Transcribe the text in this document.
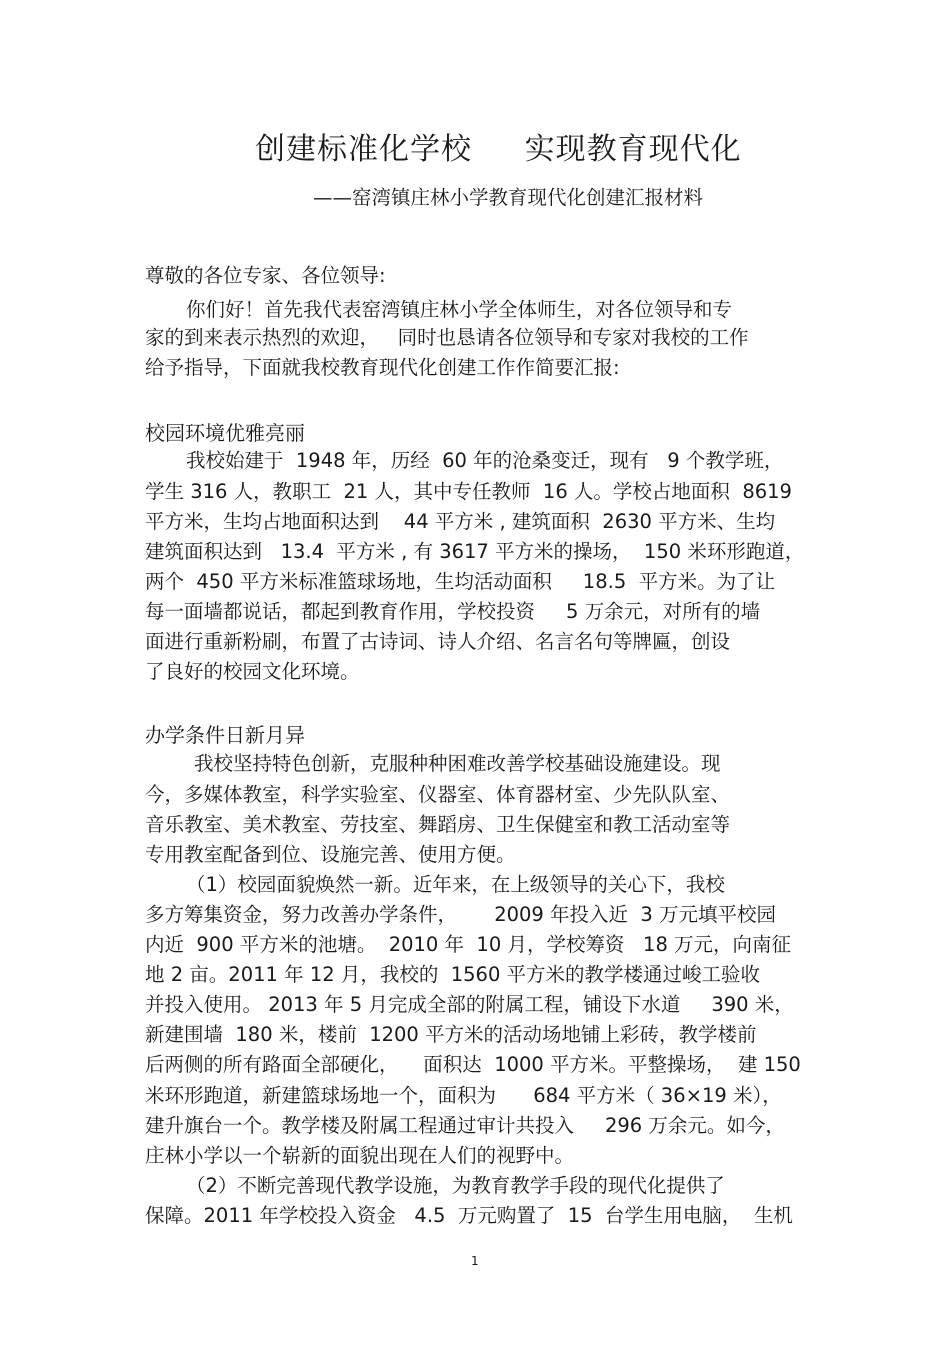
创建标准化学校     实现教育现代化
——窑湾镇庄林小学教育现代化创建汇报材料
尊敬的各位专家、各位领导:
你们好！首先我代表窑湾镇庄林小学全体师生，对各位领导和专
家的到来表示热烈的欢迎，   同时也恳请各位领导和专家对我校的工作
给予指导，下面就我校教育现代化创建工作作简要汇报:
校园环境优雅亮丽
我校始建于  1948 年，历经  60 年的沧桑变迁，现有   9 个教学班，
学生 316 人，教职工  21 人，其中专任教师  16 人。学校占地面积  8619
平方米，生均占地面积达到    44 平方米 , 建筑面积  2630 平方米、生均
建筑面积达到   13.4  平方米 , 有 3617 平方米的操场，  150 米环形跑道，
两个  450 平方米标准篮球场地，生均活动面积     18.5  平方米。为了让
每一面墙都说话，都起到教育作用，学校投资     5 万余元，对所有的墙
面进行重新粉刷，布置了古诗词、诗人介绍、名言名句等牌匾，创设
了良好的校园文化环境。
办学条件日新月异
我校坚持特色创新，克服种种困难改善学校基础设施建设。现
今，多媒体教室，科学实验室、仪器室、体育器材室、少先队队室、
音乐教室、美术教室、劳技室、舞蹈房、卫生保健室和教工活动室等
专用教室配备到位、设施完善、使用方便。
（1）校园面貌焕然一新。近年来，在上级领导的关心下，我校
多方筹集资金，努力改善办学条件，      2009 年投入近  3 万元填平校园
内近  900 平方米的池塘。  2010 年  10 月，学校筹资   18 万元，向南征
地 2 亩。2011 年 12 月，我校的  1560 平方米的教学楼通过峻工验收
并投入使用。 2013 年 5 月完成全部的附属工程，铺设下水道     390 米，
新建围墙  180 米，楼前  1200 平方米的活动场地铺上彩砖，教学楼前
后两侧的所有路面全部硬化，    面积达  1000 平方米。平整操场，  建 150
米环形跑道，新建篮球场地一个，面积为      684 平方米（ 36×19 米），
建升旗台一个。教学楼及附属工程通过审计共投入     296 万余元。如今，
庄林小学以一个崭新的面貌出现在人们的视野中。
（2）不断完善现代教学设施，为教育教学手段的现代化提供了
保障。2011 年学校投入资金   4.5  万元购置了  15  台学生用电脑，  生机
1
